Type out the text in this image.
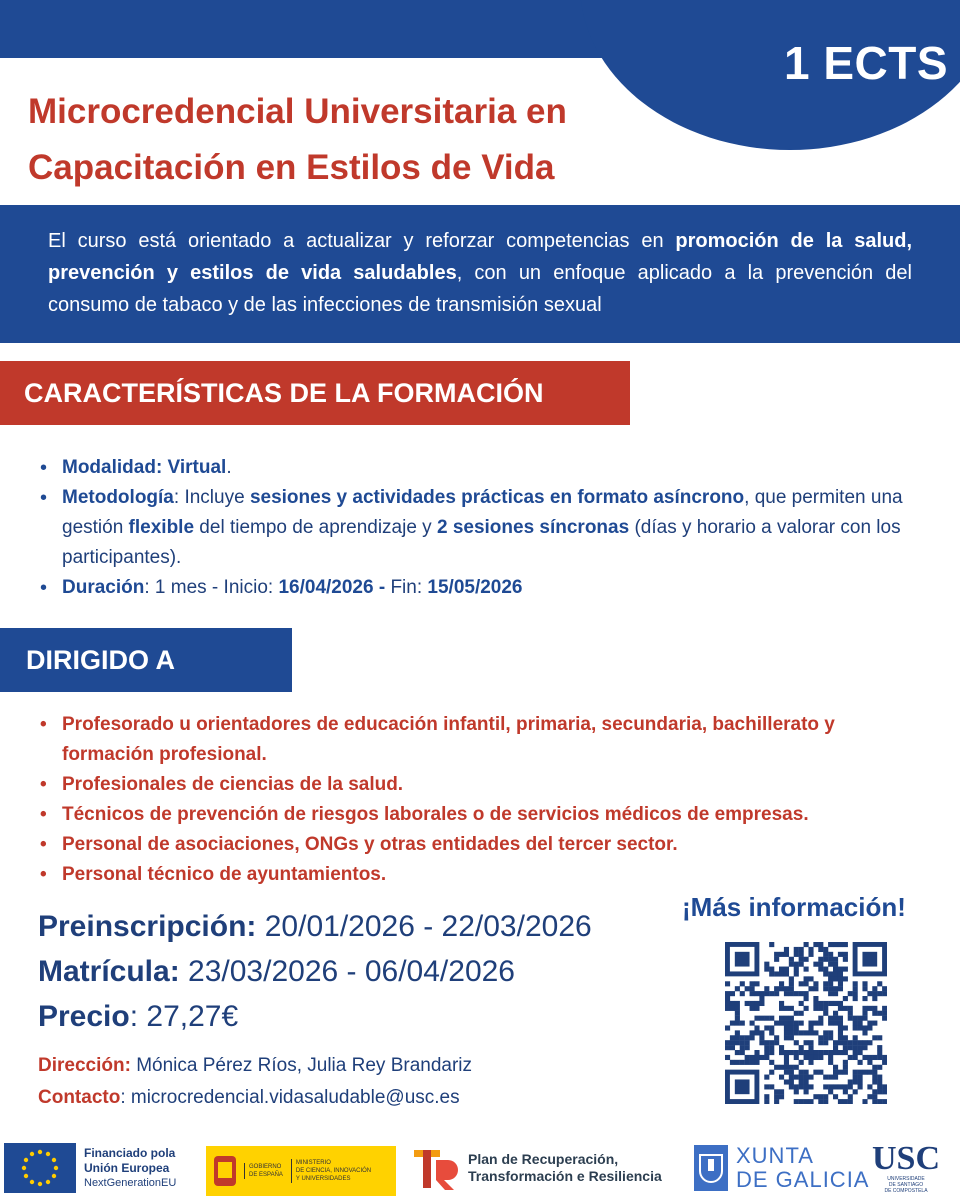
1 ECTS
Microcredencial Universitaria en
Capacitación en Estilos de Vida
El curso está orientado a actualizar y reforzar competencias en promoción de la salud, prevención y estilos de vida saludables, con un enfoque aplicado a la prevención del consumo de tabaco y de las infecciones de transmisión sexual
CARACTERÍSTICAS DE LA FORMACIÓN
• Modalidad: Virtual.
• Metodología: Incluye sesiones y actividades prácticas en formato asíncrono, que permiten una gestión flexible del tiempo de aprendizaje y 2 sesiones síncronas (días y horario a valorar con los participantes).
• Duración: 1 mes - Inicio: 16/04/2026 - Fin: 15/05/2026
DIRIGIDO A
• Profesorado u orientadores de educación infantil, primaria, secundaria, bachillerato y formación profesional.
• Profesionales de ciencias de la salud.
• Técnicos de prevención de riesgos laborales o de servicios médicos de empresas.
• Personal de asociaciones, ONGs y otras entidades del tercer sector.
• Personal técnico de ayuntamientos.
Preinscripción: 20/01/2026 - 22/03/2026
Matrícula: 23/03/2026 - 06/04/2026
Precio: 27,27€
Dirección: Mónica Pérez Ríos, Julia Rey Brandariz
Contacto: microcredencial.vidasaludable@usc.es
¡Más información!
Financiado pola
Unión Europea
NextGenerationEU
GOBIERNO
DE ESPAÑA
MINISTERIO
DE CIENCIA, INNOVACIÓN
Y UNIVERSIDADES
Plan de Recuperación,
Transformación e Resiliencia
XUNTA
DE GALICIA
USC
UNIVERSIDADE
DE SANTIAGO
DE COMPOSTELA
